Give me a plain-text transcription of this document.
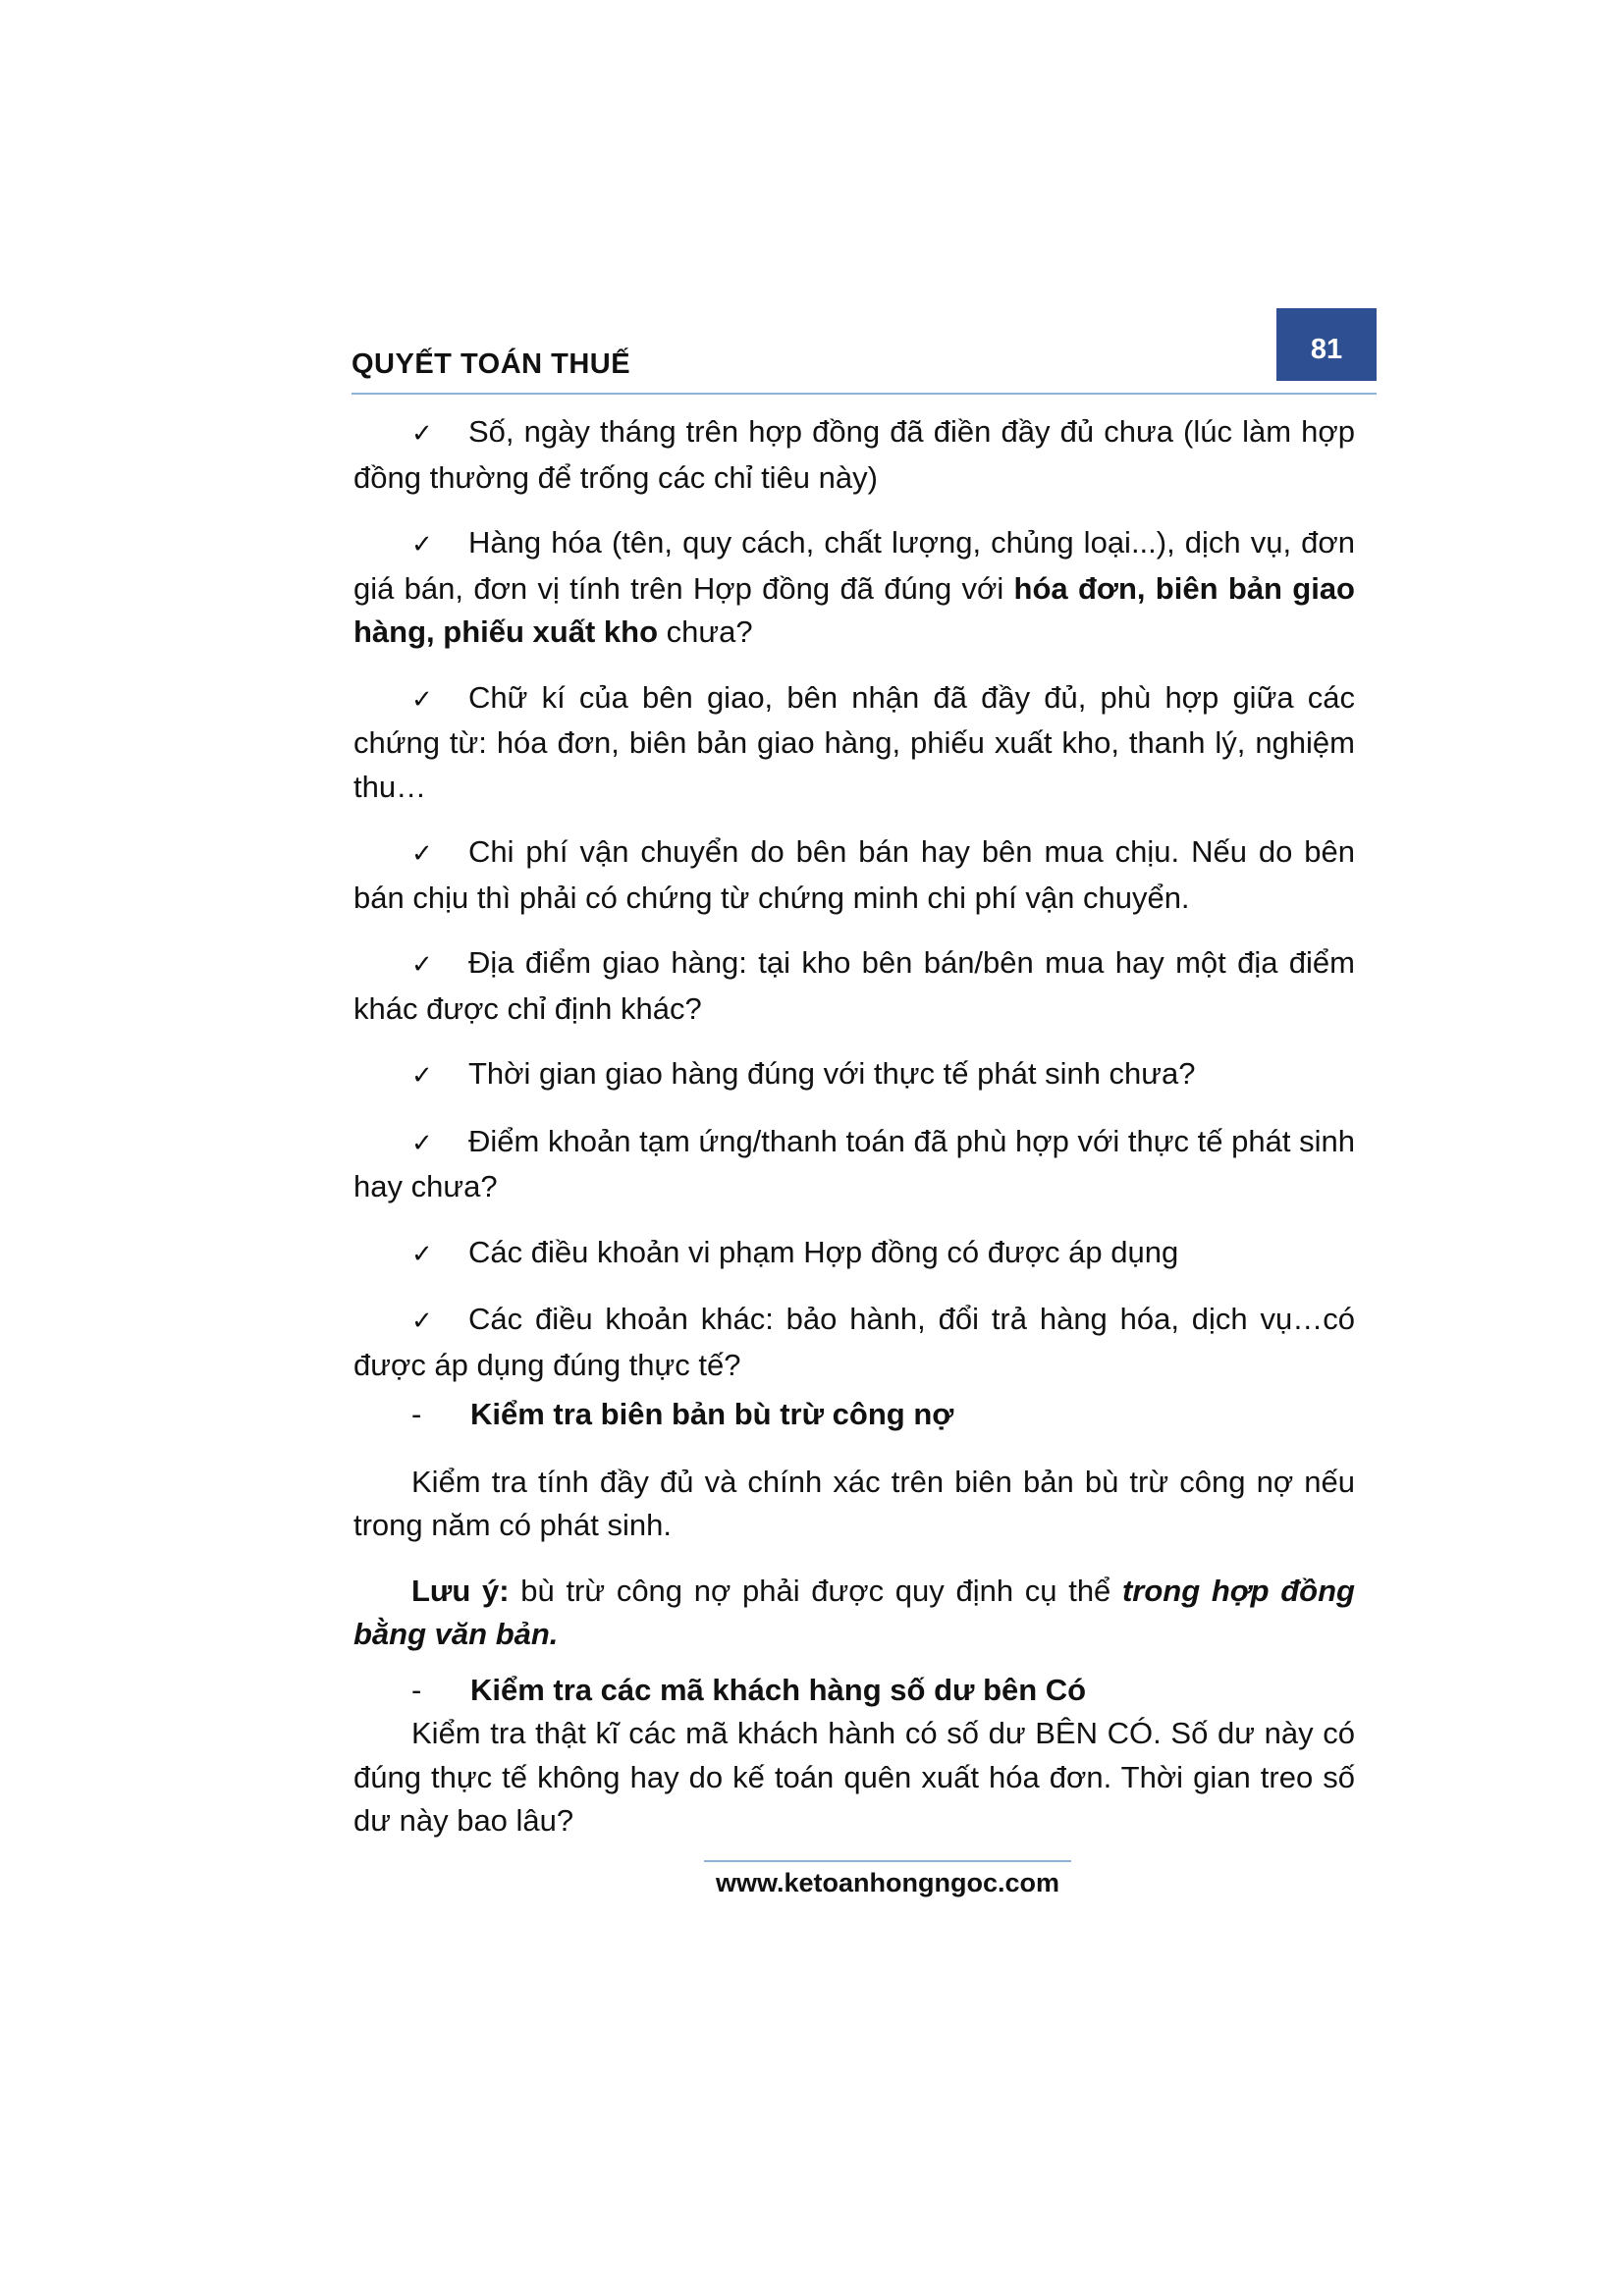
QUYẾT TOÁN THUẾ	81

✓ Số, ngày tháng trên hợp đồng đã điền đầy đủ chưa (lúc làm hợp đồng thường để trống các chỉ tiêu này)

✓ Hàng hóa (tên, quy cách, chất lượng, chủng loại...), dịch vụ, đơn giá bán, đơn vị tính trên Hợp đồng đã đúng với hóa đơn, biên bản giao hàng, phiếu xuất kho chưa?

✓ Chữ kí của bên giao, bên nhận đã đầy đủ, phù hợp giữa các chứng từ: hóa đơn, biên bản giao hàng, phiếu xuất kho, thanh lý, nghiệm thu…

✓ Chi phí vận chuyển do bên bán hay bên mua chịu. Nếu do bên bán chịu thì phải có chứng từ chứng minh chi phí vận chuyển.

✓ Địa điểm giao hàng: tại kho bên bán/bên mua hay một địa điểm khác được chỉ định khác?

✓ Thời gian giao hàng đúng với thực tế phát sinh chưa?

✓ Điểm khoản tạm ứng/thanh toán đã phù hợp với thực tế phát sinh hay chưa?

✓ Các điều khoản vi phạm Hợp đồng có được áp dụng

✓ Các điều khoản khác: bảo hành, đổi trả hàng hóa, dịch vụ…có được áp dụng đúng thực tế?

- Kiểm tra biên bản bù trừ công nợ

Kiểm tra tính đầy đủ và chính xác trên biên bản bù trừ công nợ nếu trong năm có phát sinh.

Lưu ý: bù trừ công nợ phải được quy định cụ thể trong hợp đồng bằng văn bản.

- Kiểm tra các mã khách hàng số dư bên Có

Kiểm tra thật kĩ các mã khách hành có số dư BÊN CÓ. Số dư này có đúng thực tế không hay do kế toán quên xuất hóa đơn. Thời gian treo số dư này bao lâu?

www.ketoanhongngoc.com
